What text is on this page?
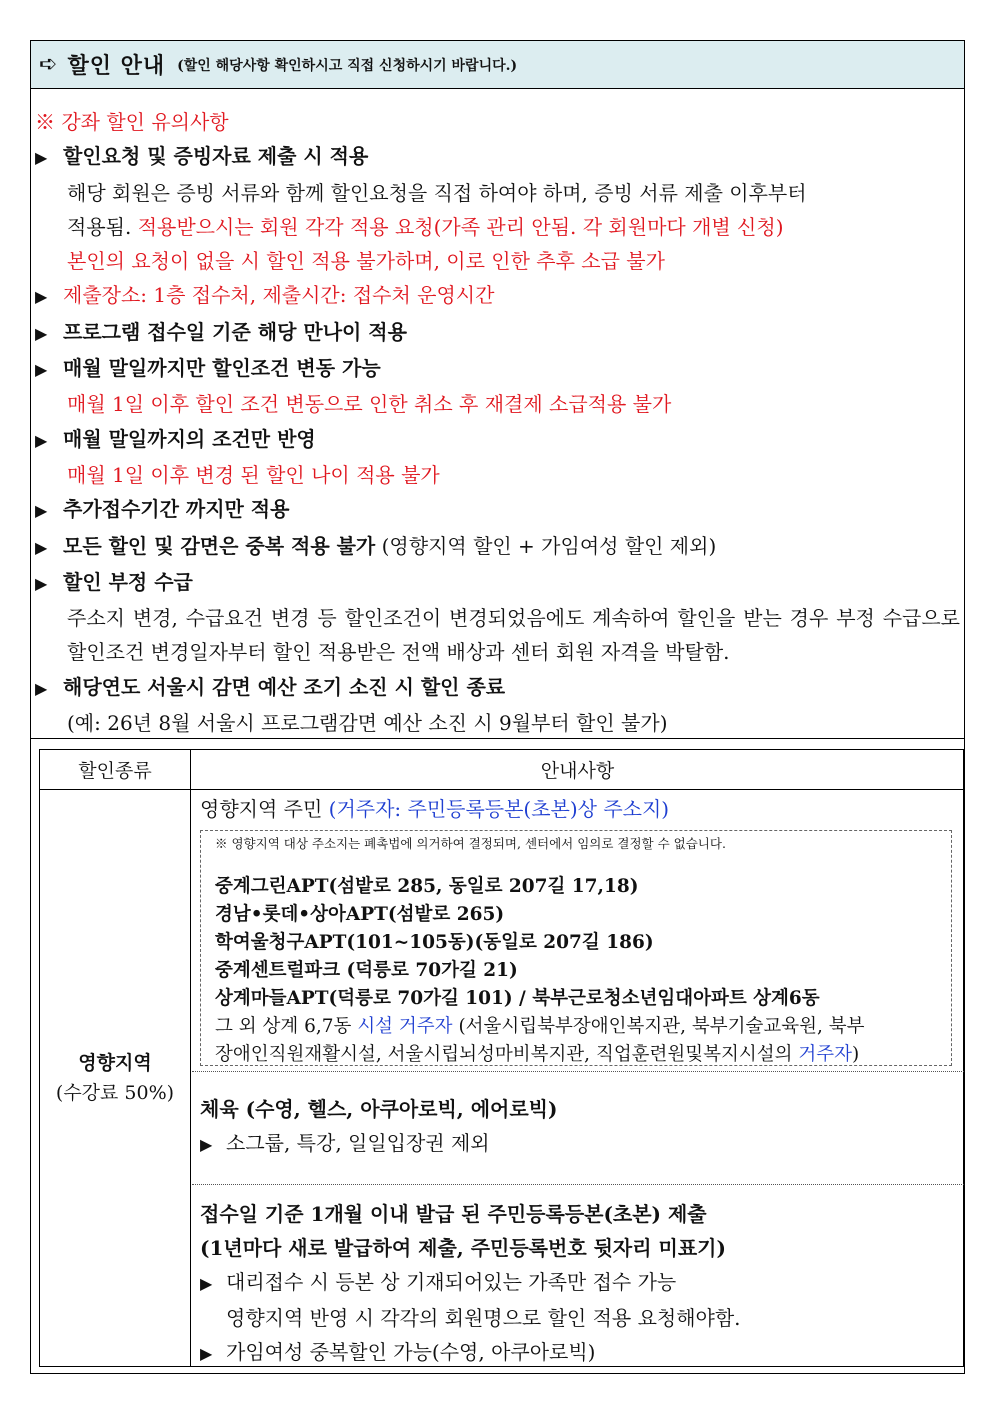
➪ 할인 안내 (할인 해당사항 확인하시고 직접 신청하시기 바랍니다.)
※ 강좌 할인 유의사항
▶ 할인요청 및 증빙자료 제출 시 적용
해당 회원은 증빙 서류와 함께 할인요청을 직접 하여야 하며, 증빙 서류 제출 이후부터
적용됨. 적용받으시는 회원 각각 적용 요청(가족 관리 안됨. 각 회원마다 개별 신청)
본인의 요청이 없을 시 할인 적용 불가하며, 이로 인한 추후 소급 불가
▶ 제출장소: 1층 접수처, 제출시간: 접수처 운영시간
▶ 프로그램 접수일 기준 해당 만나이 적용
▶ 매월 말일까지만 할인조건 변동 가능
매월 1일 이후 할인 조건 변동으로 인한 취소 후 재결제 소급적용 불가
▶ 매월 말일까지의 조건만 반영
매월 1일 이후 변경 된 할인 나이 적용 불가
▶ 추가접수기간 까지만 적용
▶ 모든 할인 및 감면은 중복 적용 불가 (영향지역 할인 + 가임여성 할인 제외)
▶ 할인 부정 수급
주소지 변경, 수급요건 변경 등 할인조건이 변경되었음에도 계속하여 할인을 받는 경우 부정 수급으로 할인조건 변경일자부터 할인 적용받은 전액 배상과 센터 회원 자격을 박탈함.
▶ 해당연도 서울시 감면 예산 조기 소진 시 할인 종료
(예: 26년 8월 서울시 프로그램감면 예산 소진 시 9월부터 할인 불가)
할인종류	안내사항
영향지역
(수강료 50%)
영향지역 주민 (거주자: 주민등록등본(초본)상 주소지)
※ 영향지역 대상 주소지는 폐촉법에 의거하여 결정되며, 센터에서 임의로 결정할 수 없습니다.
중계그린APT(섬밭로 285, 동일로 207길 17,18)
경남•롯데•상아APT(섬밭로 265)
학여울청구APT(101~105동)(동일로 207길 186)
중계센트럴파크 (덕릉로 70가길 21)
상계마들APT(덕릉로 70가길 101) / 북부근로청소년임대아파트 상계6동
그 외 상계 6,7동 시설 거주자 (서울시립북부장애인복지관, 북부기술교육원, 북부
장애인직원재활시설, 서울시립뇌성마비복지관, 직업훈련원및복지시설의 거주자)
체육 (수영, 헬스, 아쿠아로빅, 에어로빅)
▶ 소그룹, 특강, 일일입장권 제외
접수일 기준 1개월 이내 발급 된 주민등록등본(초본) 제출
(1년마다 새로 발급하여 제출, 주민등록번호 뒷자리 미표기)
▶ 대리접수 시 등본 상 기재되어있는 가족만 접수 가능
영향지역 반영 시 각각의 회원명으로 할인 적용 요청해야함.
▶ 가임여성 중복할인 가능(수영, 아쿠아로빅)
